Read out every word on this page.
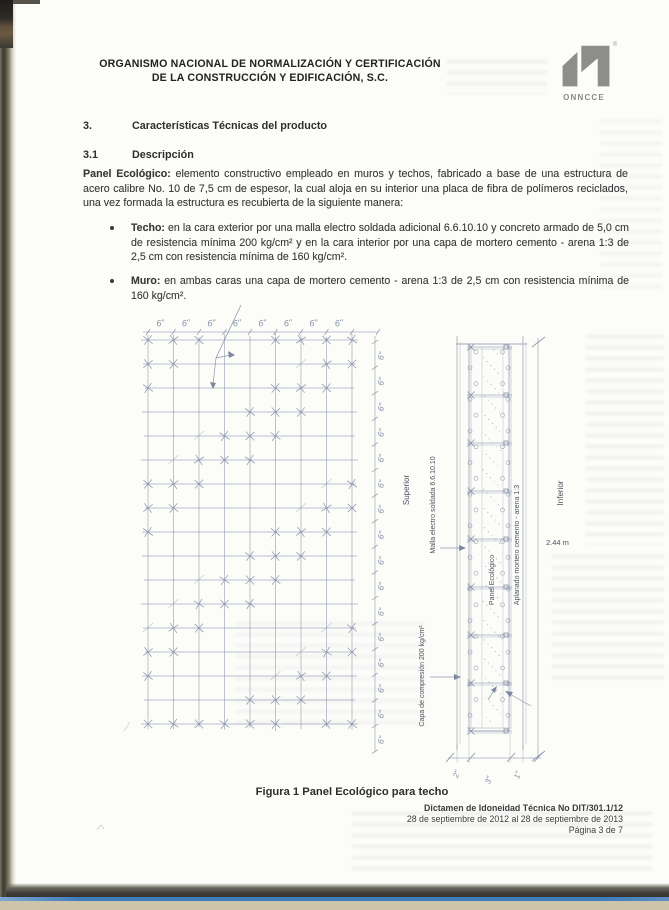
ORGANISMO NACIONAL DE NORMALIZACIÓN Y CERTIFICACIÓN
DE LA CONSTRUCCIÓN Y EDIFICACIÓN, S.C.
®
ONNCCE
3.	Características Técnicas del producto
3.1	Descripción
Panel Ecológico: elemento constructivo empleado en muros y techos, fabricado a base de una estructura de acero calibre No. 10 de 7,5 cm de espesor, la cual aloja en su interior una placa de fibra de polímeros reciclados, una vez formada la estructura es recubierta de la siguiente manera:
Techo: en la cara exterior por una malla electro soldada adicional 6.6.10.10 y concreto armado de 5,0 cm de resistencia mínima 200 kg/cm² y en la cara interior por una capa de mortero cemento - arena 1:3 de 2,5 cm con resistencia mínima de 160 kg/cm².
Muro: en ambas caras una capa de mortero cemento - arena 1:3 de 2,5 cm con resistencia mínima de 160 kg/cm².
6" 6" 6" 6" 6" 6" 6" 6"
6"
6"
6"
6"
6"
6"
6"
6"
6"
6"
6"
6"
6"
6"
6"
6"
Superior	Malla electro soldada 6.6.10.10
Capa de compresión 200 kg/cm²
Panel Ecológico	Aplanado mortero cemento - arena 1:3	Inferior
2.44 m
2"
3"
1"
Figura 1 Panel Ecológico para techo
Dictamen de Idoneidad Técnica No DIT/301.1/12
28 de septiembre de 2012 al 28 de septiembre de 2013
Página 3 de 7
